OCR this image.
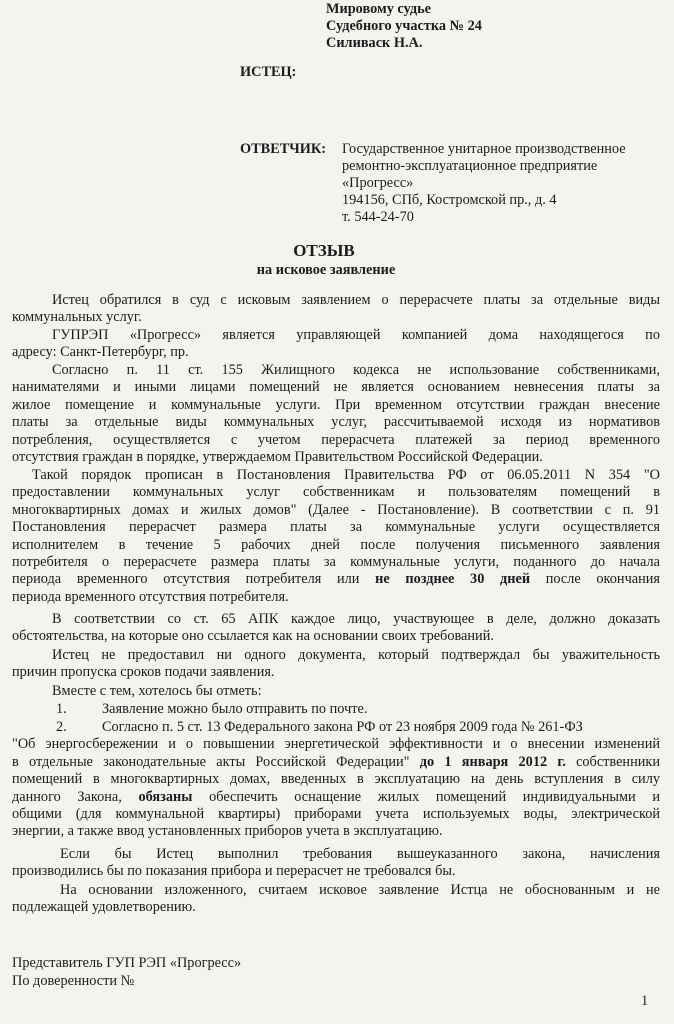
Мировому судье
Судебного участка № 24
Силиваск Н.А.
ИСТЕЦ:
ОТВЕТЧИК: Государственное унитарное производственное
ремонтно-эксплуатационное предприятие
«Прогресс»
194156, СПб, Костромской пр., д. 4
т. 544-24-70
ОТЗЫВ
на исковое заявление
Истец обратился в суд с исковым заявлением о перерасчете платы за отдельные виды
коммунальных услуг.
ГУПРЭП «Прогресс» является управляющей компанией дома находящегося по
адресу: Санкт-Петербург, пр.
Согласно п. 11 ст. 155 Жилищного кодекса не использование собственниками,
нанимателями и иными лицами помещений не является основанием невнесения платы за
жилое помещение и коммунальные услуги. При временном отсутствии граждан внесение
платы за отдельные виды коммунальных услуг, рассчитываемой исходя из нормативов
потребления, осуществляется с учетом перерасчета платежей за период временного
отсутствия граждан в порядке, утверждаемом Правительством Российской Федерации.
Такой порядок прописан в Постановления Правительства РФ от 06.05.2011 N 354 "О
предоставлении коммунальных услуг собственникам и пользователям помещений в
многоквартирных домах и жилых домов" (Далее - Постановление). В соответствии с п. 91
Постановления перерасчет размера платы за коммунальные услуги осуществляется
исполнителем в течение 5 рабочих дней после получения письменного заявления
потребителя о перерасчете размера платы за коммунальные услуги, поданного до начала
периода временного отсутствия потребителя или не позднее 30 дней после окончания
периода временного отсутствия потребителя.
В соответствии со ст. 65 АПК каждое лицо, участвующее в деле, должно доказать
обстоятельства, на которые оно ссылается как на основании своих требований.
Истец не предоставил ни одного документа, который подтверждал бы уважительность
причин пропуска сроков подачи заявления.
Вместе с тем, хотелось бы отметь:
1. Заявление можно было отправить по почте.
2. Согласно п. 5 ст. 13 Федерального закона РФ от 23 ноября 2009 года № 261-ФЗ
"Об энергосбережении и о повышении энергетической эффективности и о внесении изменений
в отдельные законодательные акты Российской Федерации" до 1 января 2012 г. собственники
помещений в многоквартирных домах, введенных в эксплуатацию на день вступления в силу
данного Закона, обязаны обеспечить оснащение жилых помещений индивидуальными и
общими (для коммунальной квартиры) приборами учета используемых воды, электрической
энергии, а также ввод установленных приборов учета в эксплуатацию.
Если бы Истец выполнил требования вышеуказанного закона, начисления
производились бы по показания прибора и перерасчет не требовался бы.
На основании изложенного, считаем исковое заявление Истца не обоснованным и не
подлежащей удовлетворению.
Представитель ГУП РЭП «Прогресс»
По доверенности №
1
